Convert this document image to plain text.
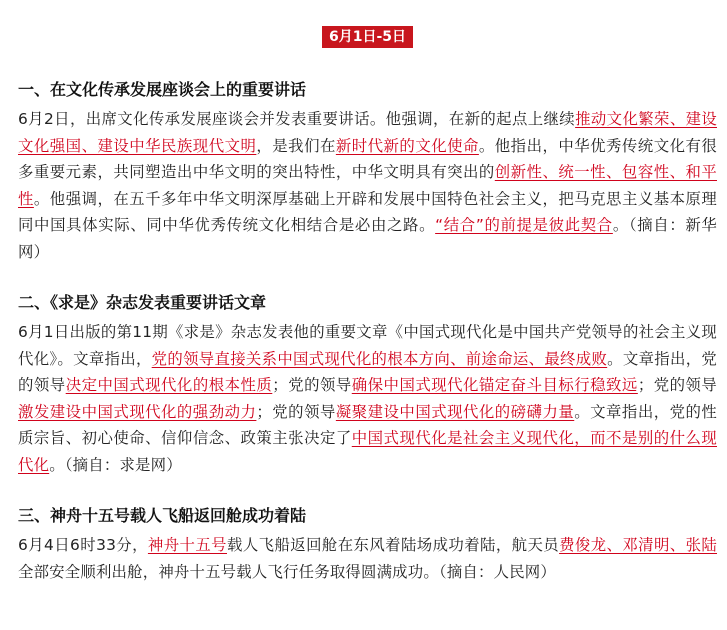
6月1日-5日
一、在文化传承发展座谈会上的重要讲话

6月2日，出席文化传承发展座谈会并发表重要讲话。他强调，在新的起点上继续推动文化繁荣、建设文化强国、建设中华民族现代文明，是我们在新时代新的文化使命。他指出，中华优秀传统文化有很多重要元素，共同塑造出中华文明的突出特性，中华文明具有突出的创新性、统一性、包容性、和平性。他强调，在五千多年中华文明深厚基础上开辟和发展中国特色社会主义，把马克思主义基本原理同中国具体实际、同中华优秀传统文化相结合是必由之路。“结合”的前提是彼此契合。（摘自：新华网）

二、《求是》杂志发表重要讲话文章

6月1日出版的第11期《求是》杂志发表他的重要文章《中国式现代化是中国共产党领导的社会主义现代化》。文章指出，党的领导直接关系中国式现代化的根本方向、前途命运、最终成败。文章指出，党的领导决定中国式现代化的根本性质；党的领导确保中国式现代化锚定奋斗目标行稳致远；党的领导激发建设中国式现代化的强劲动力；党的领导凝聚建设中国式现代化的磅礴力量。文章指出，党的性质宗旨、初心使命、信仰信念、政策主张决定了中国式现代化是社会主义现代化，而不是别的什么现代化。（摘自：求是网）

三、神舟十五号载人飞船返回舱成功着陆

6月4日6时33分，神舟十五号载人飞船返回舱在东风着陆场成功着陆，航天员费俊龙、邓清明、张陆全部安全顺利出舱，神舟十五号载人飞行任务取得圆满成功。（摘自：人民网）
